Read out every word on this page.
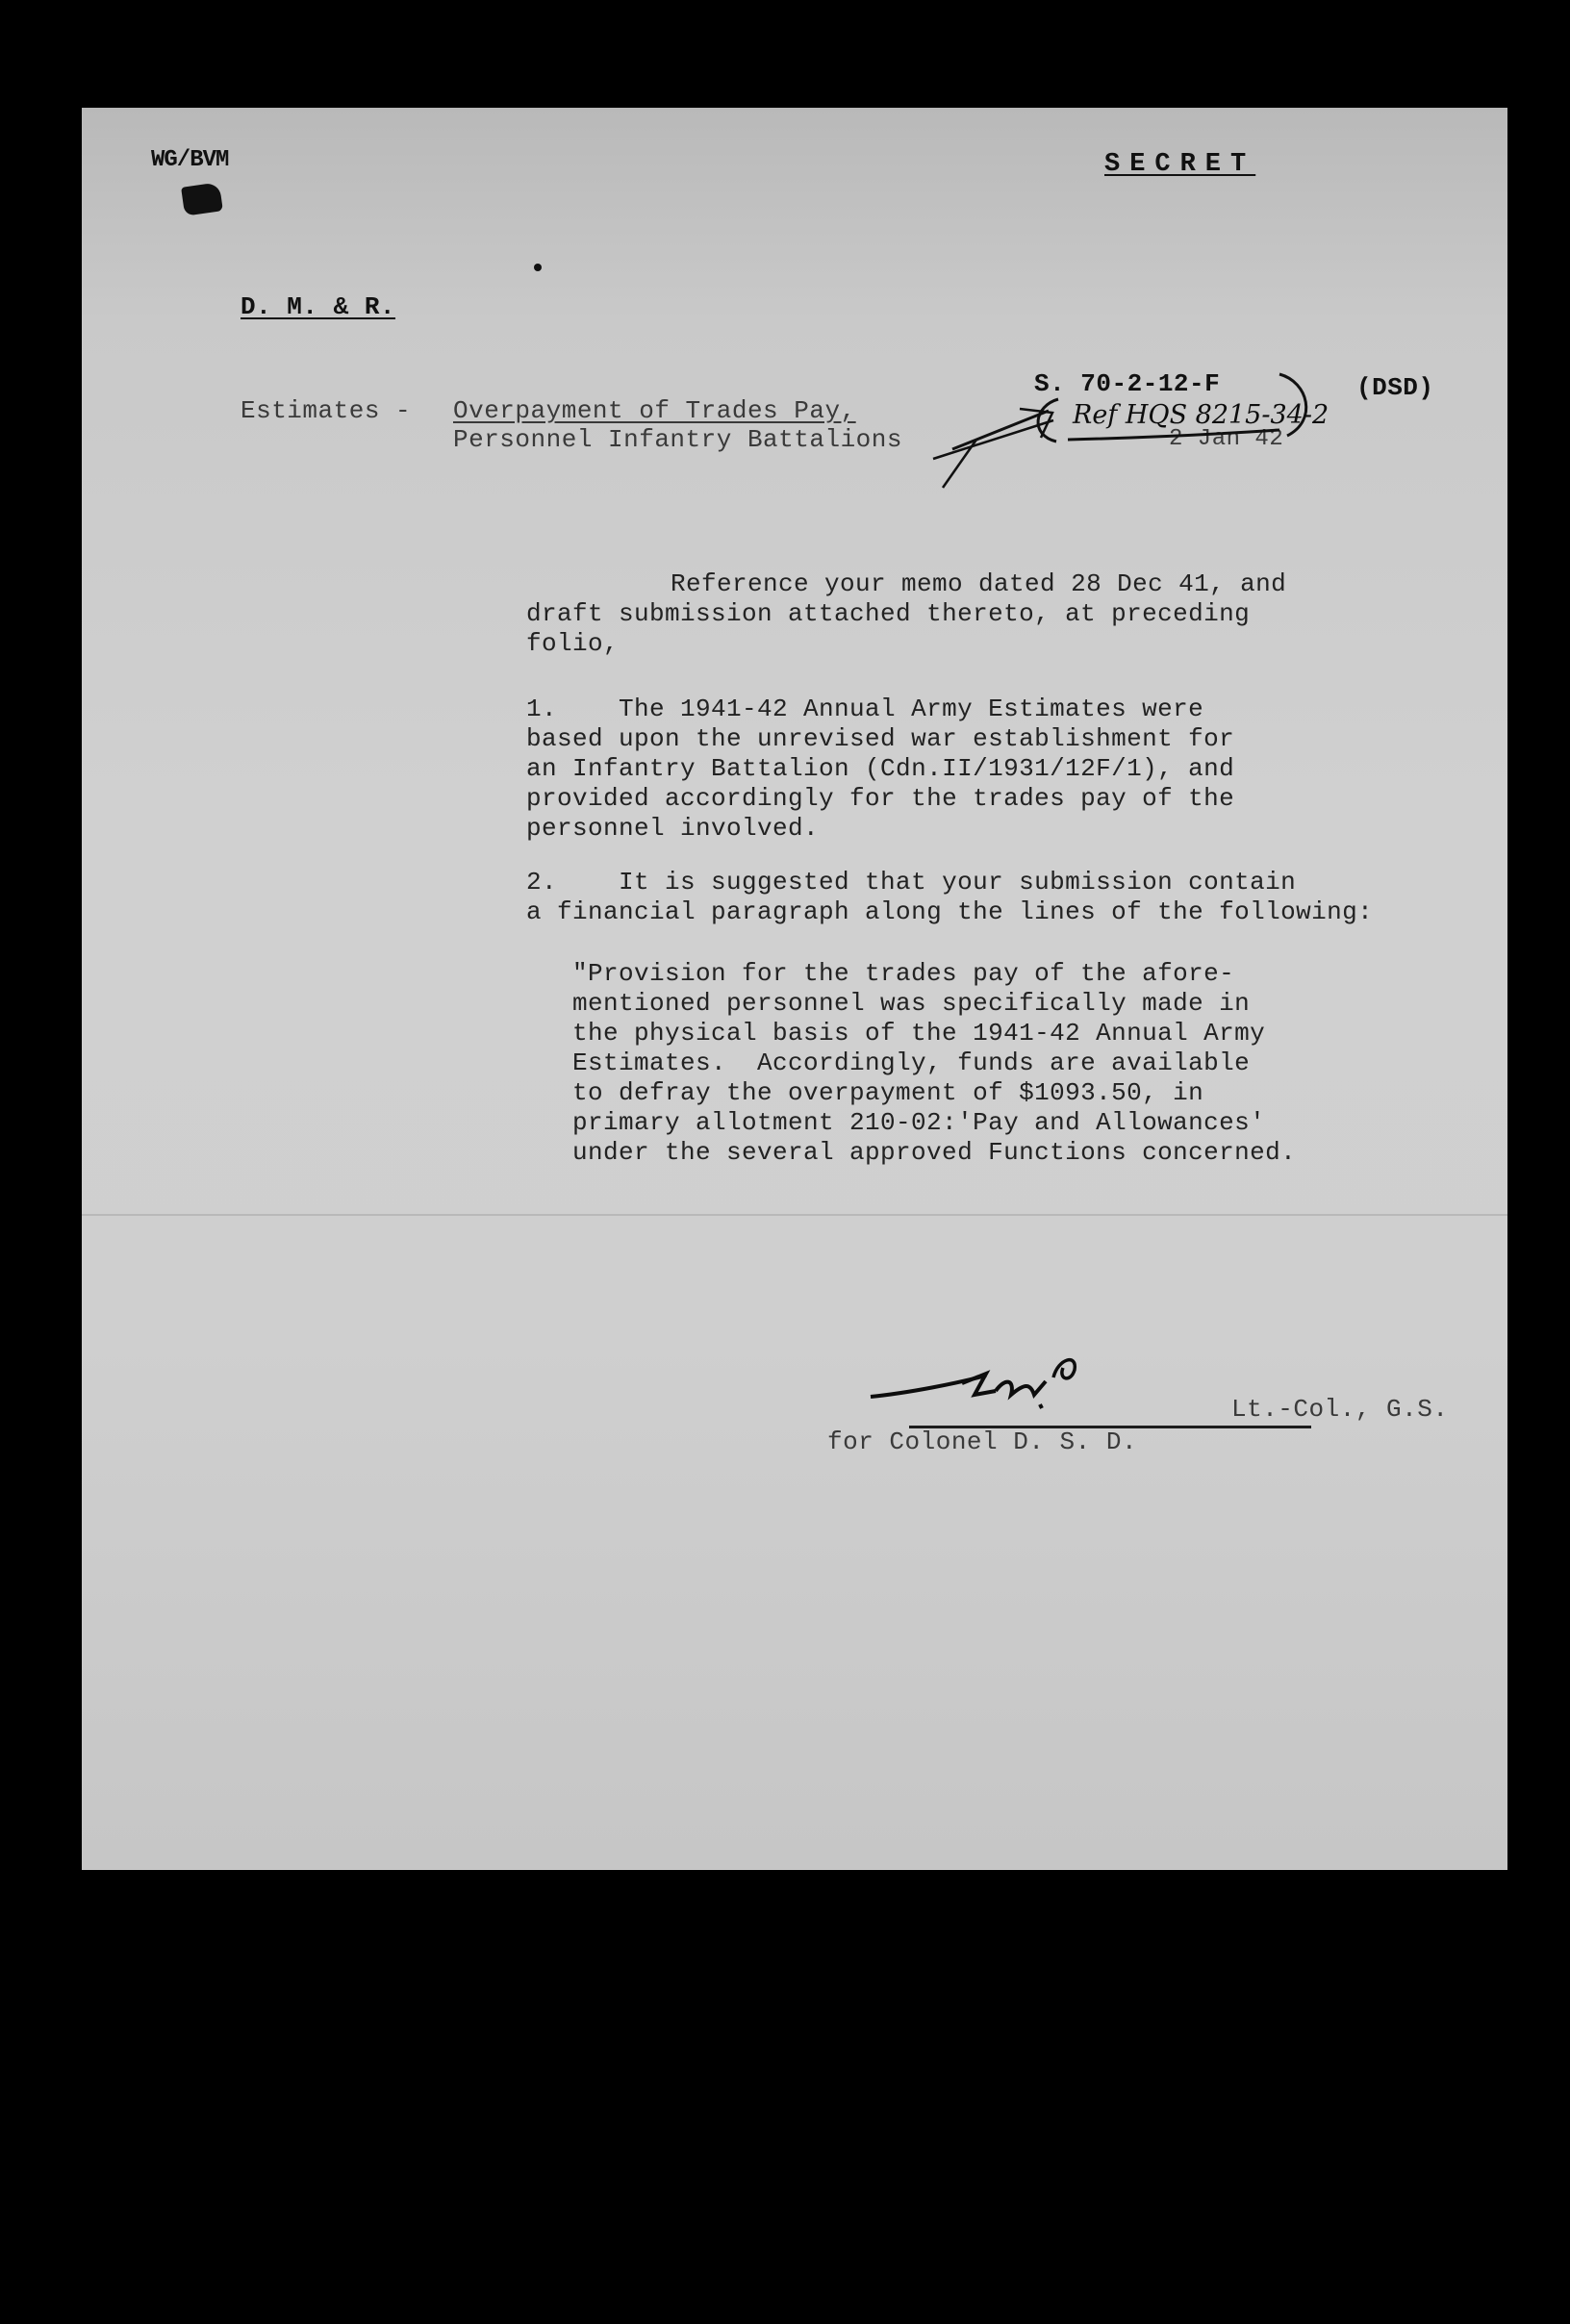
WG/BVM	SECRET
D. M. & R.
Estimates - Overpayment of Trades Pay,
Personnel Infantry Battalions
S. 70-2-12-F	(DSD)
2 Jan 42
Ref HQS 8215-34-2
Reference your memo dated 28 Dec 41, and
draft submission attached thereto, at preceding
folio,
1.    The 1941-42 Annual Army Estimates were
based upon the unrevised war establishment for
an Infantry Battalion (Cdn.II/1931/12F/1), and
provided accordingly for the trades pay of the
personnel involved.
2.    It is suggested that your submission contain
a financial paragraph along the lines of the following:
"Provision for the trades pay of the afore-
mentioned personnel was specifically made in
the physical basis of the 1941-42 Annual Army
Estimates.  Accordingly, funds are available
to defray the overpayment of $1093.50, in
primary allotment 210-02:'Pay and Allowances'
under the several approved Functions concerned.
Lt.-Col., G.S.
for Colonel D. S. D.
